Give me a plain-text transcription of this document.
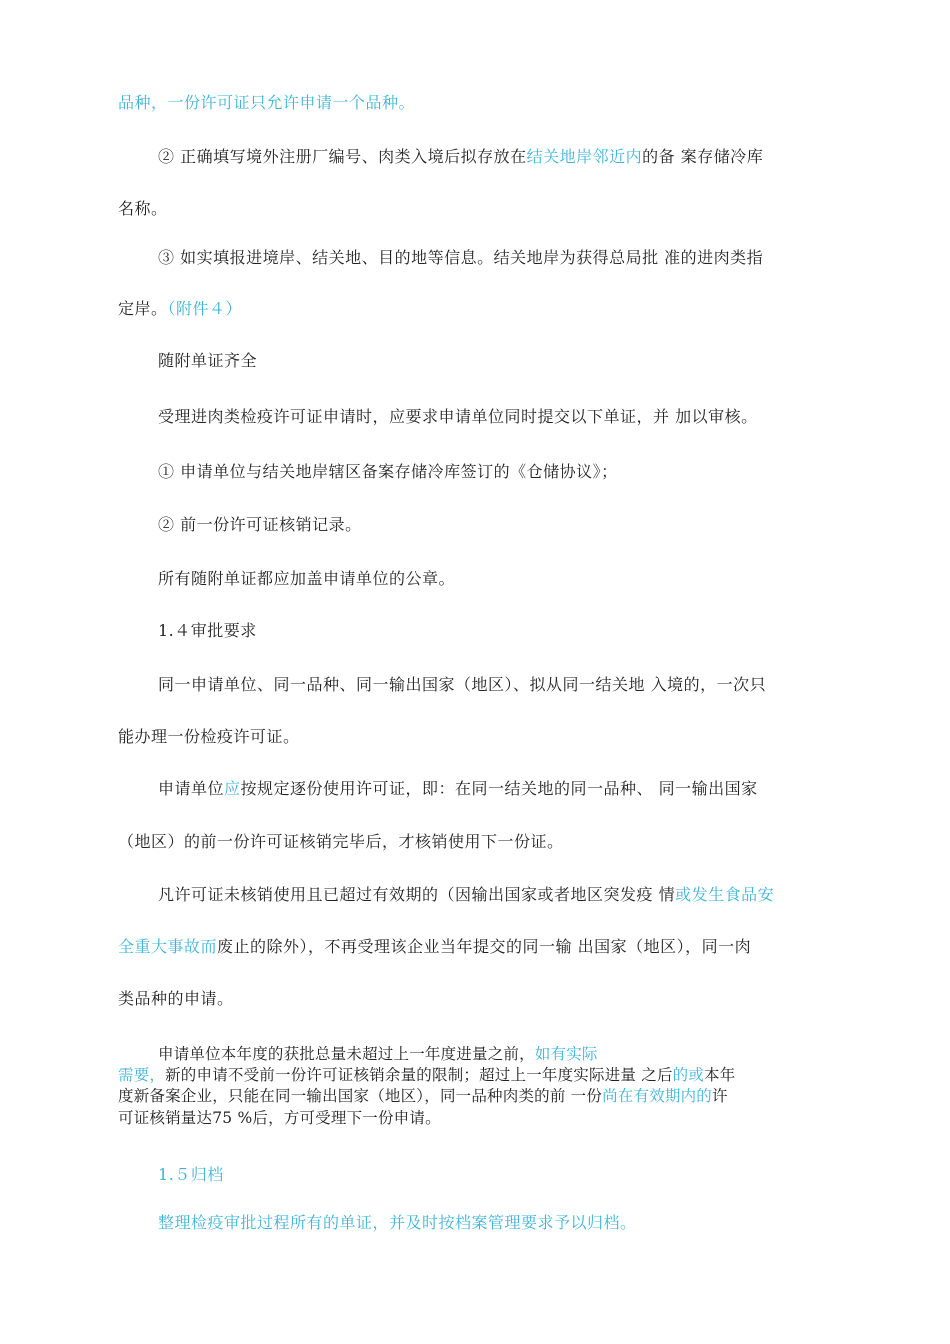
品种，一份许可证只允许申请一个品种。
② 正确填写境外注册厂编号、肉类入境后拟存放在结关地岸邻近内的备 案存储冷库
名称。
③ 如实填报进境岸、结关地、目的地等信息。结关地岸为获得总局批 准的进肉类指
定岸。（附件４）
随附单证齐全
受理进肉类检疫许可证申请时，应要求申请单位同时提交以下单证，并 加以审核。
① 申请单位与结关地岸辖区备案存储冷库签订的《仓储协议》；
② 前一份许可证核销记录。
所有随附单证都应加盖申请单位的公章。
1.４审批要求
同一申请单位、同一品种、同一输出国家（地区）、拟从同一结关地 入境的，一次只
能办理一份检疫许可证。
申请单位应按规定逐份使用许可证，即：在同一结关地的同一品种、 同一输出国家
（地区）的前一份许可证核销完毕后，才核销使用下一份证。
凡许可证未核销使用且已超过有效期的（因输出国家或者地区突发疫 情或发生食品安
全重大事故而废止的除外），不再受理该企业当年提交的同一输 出国家（地区），同一肉
类品种的申请。
申请单位本年度的获批总量未超过上一年度进量之前，如有实际
需要，新的申请不受前一份许可证核销余量的限制；超过上一年度实际进量 之后的或本年
度新备案企业，只能在同一输出国家（地区），同一品种肉类的前 一份尚在有效期内的许
可证核销量达75 %后，方可受理下一份申请。
1.５归档
整理检疫审批过程所有的单证，并及时按档案管理要求予以归档。
